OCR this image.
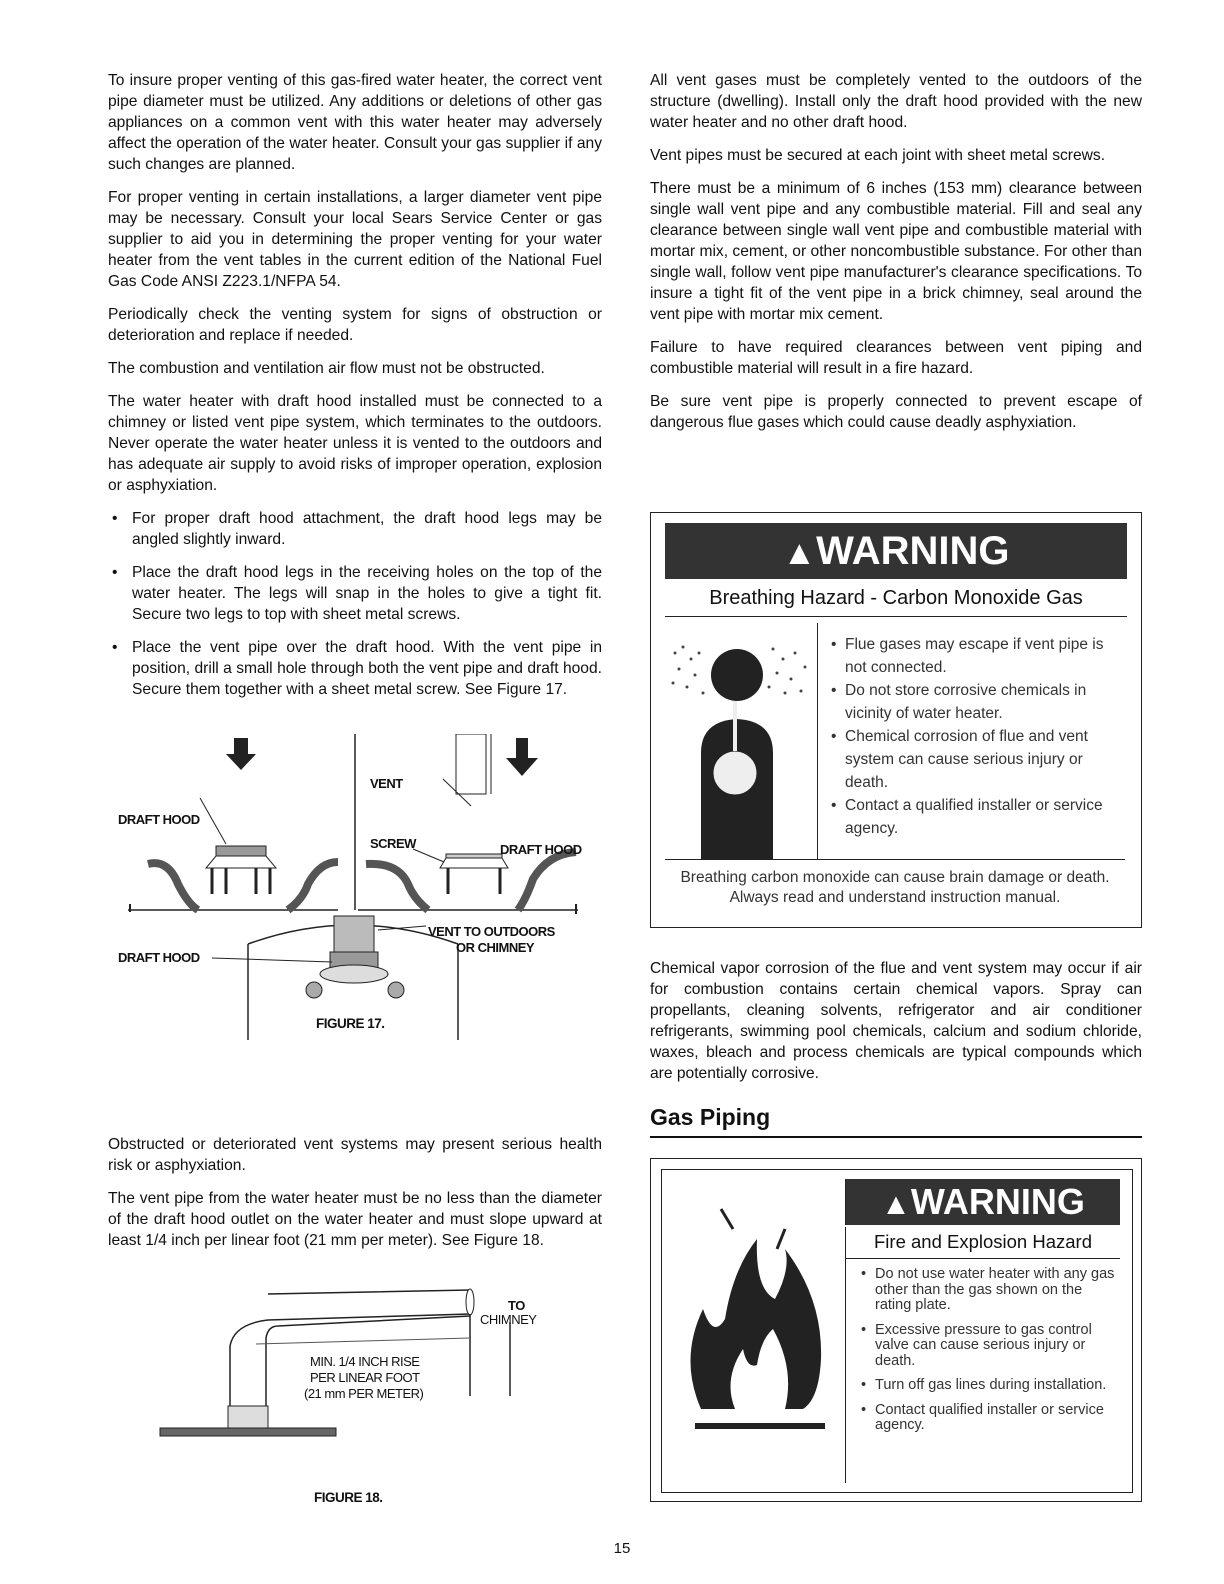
To insure proper venting of this gas-fired water heater, the correct vent pipe diameter must be utilized. Any additions or deletions of other gas appliances on a common vent with this water heater may adversely affect the operation of the water heater. Consult your gas supplier if any such changes are planned.

For proper venting in certain installations, a larger diameter vent pipe may be necessary. Consult your local Sears Service Center or gas supplier to aid you in determining the proper venting for your water heater from the vent tables in the current edition of the National Fuel Gas Code ANSI Z223.1/NFPA 54.

Periodically check the venting system for signs of obstruction or deterioration and replace if needed.

The combustion and ventilation air flow must not be obstructed.

The water heater with draft hood installed must be connected to a chimney or listed vent pipe system, which terminates to the outdoors. Never operate the water heater unless it is vented to the outdoors and has adequate air supply to avoid risks of improper operation, explosion or asphyxiation.

• For proper draft hood attachment, the draft hood legs may be angled slightly inward.
• Place the draft hood legs in the receiving holes on the top of the water heater. The legs will snap in the holes to give a tight fit. Secure two legs to top with sheet metal screws.
• Place the vent pipe over the draft hood. With the vent pipe in position, drill a small hole through both the vent pipe and draft hood. Secure them together with a sheet metal screw. See Figure 17.
DRAFT HOOD
VENT
SCREW	DRAFT HOOD
VENT TO OUTDOORS
OR CHIMNEY
DRAFT HOOD
FIGURE 17.

Obstructed or deteriorated vent systems may present serious health risk or asphyxiation.

The vent pipe from the water heater must be no less than the diameter of the draft hood outlet on the water heater and must slope upward at least 1/4 inch per linear foot (21 mm per meter). See Figure 18.

TO
CHIMNEY
MIN. 1/4 INCH RISE
PER LINEAR FOOT
(21 mm PER METER)
FIGURE 18.

All vent gases must be completely vented to the outdoors of the structure (dwelling). Install only the draft hood provided with the new water heater and no other draft hood.

Vent pipes must be secured at each joint with sheet metal screws.

There must be a minimum of 6 inches (153 mm) clearance between single wall vent pipe and any combustible material. Fill and seal any clearance between single wall vent pipe and combustible material with mortar mix, cement, or other noncombustible substance. For other than single wall, follow vent pipe manufacturer's clearance specifications. To insure a tight fit of the vent pipe in a brick chimney, seal around the vent pipe with mortar mix cement.

Failure to have required clearances between vent piping and combustible material will result in a fire hazard.

Be sure vent pipe is properly connected to prevent escape of dangerous flue gases which could cause deadly asphyxiation.

▲WARNING
Breathing Hazard - Carbon Monoxide Gas
• Flue gases may escape if vent pipe is not connected.
• Do not store corrosive chemicals in vicinity of water heater.
• Chemical corrosion of flue and vent system can cause serious injury or death.
• Contact a qualified installer or service agency.
Breathing carbon monoxide can cause brain damage or death. Always read and understand instruction manual.

Chemical vapor corrosion of the flue and vent system may occur if air for combustion contains certain chemical vapors. Spray can propellants, cleaning solvents, refrigerator and air conditioner refrigerants, swimming pool chemicals, calcium and sodium chloride, waxes, bleach and process chemicals are typical compounds which are potentially corrosive.

Gas Piping
▲WARNING
Fire and Explosion Hazard
• Do not use water heater with any gas other than the gas shown on the rating plate.
• Excessive pressure to gas control valve can cause serious injury or death.
• Turn off gas lines during installation.
• Contact qualified installer or service agency.
15
